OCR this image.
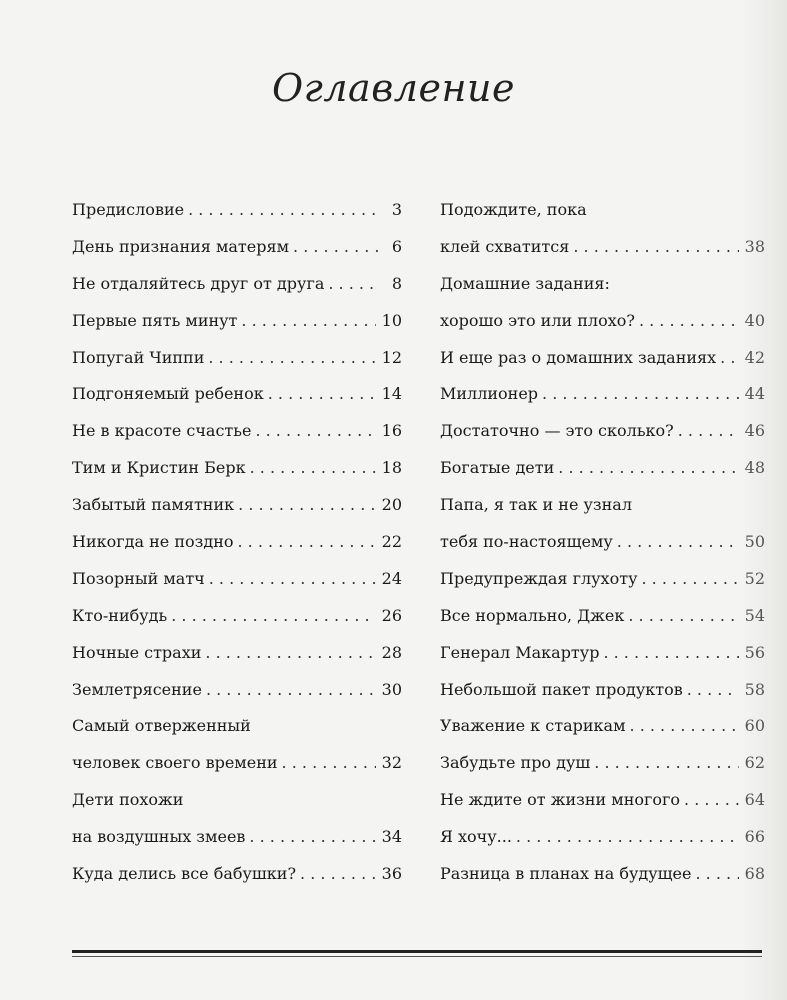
Оглавление
Предисловие . . .	3
День признания матерям . . .	6
Не отдаляйтесь друг от друга . . .	8
Первые пять минут . . .	10
Попугай Чиппи . . .	12
Подгоняемый ребенок . . .	14
Не в красоте счастье . . .	16
Тим и Кристин Берк . . .	18
Забытый памятник . . .	20
Никогда не поздно . . .	22
Позорный матч . . .	24
Кто-нибудь . . .	26
Ночные страхи . . .	28
Землетрясение . . .	30
Самый отверженный
человек своего времени . . .	32
Дети похожи
на воздушных змеев . . .	34
Куда делись все бабушки? . . .	36
Подождите, пока
клей схватится . . .	38
Домашние задания:
хорошо это или плохо? . . .	40
И еще раз о домашних заданиях . . . 42
Миллионер . . .	44
Достаточно — это сколько? . . .	46
Богатые дети . . .	48
Папа, я так и не узнал
тебя по-настоящему . . .	50
Предупреждая глухоту . . .	52
Все нормально, Джек . . .	54
Генерал Макартур . . .	56
Небольшой пакет продуктов . . .	58
Уважение к старикам . . .	60
Забудьте про душ . . .	62
Не ждите от жизни многого . . .	64
Я хочу... . . .	66
Разница в планах на будущее . . .	68
